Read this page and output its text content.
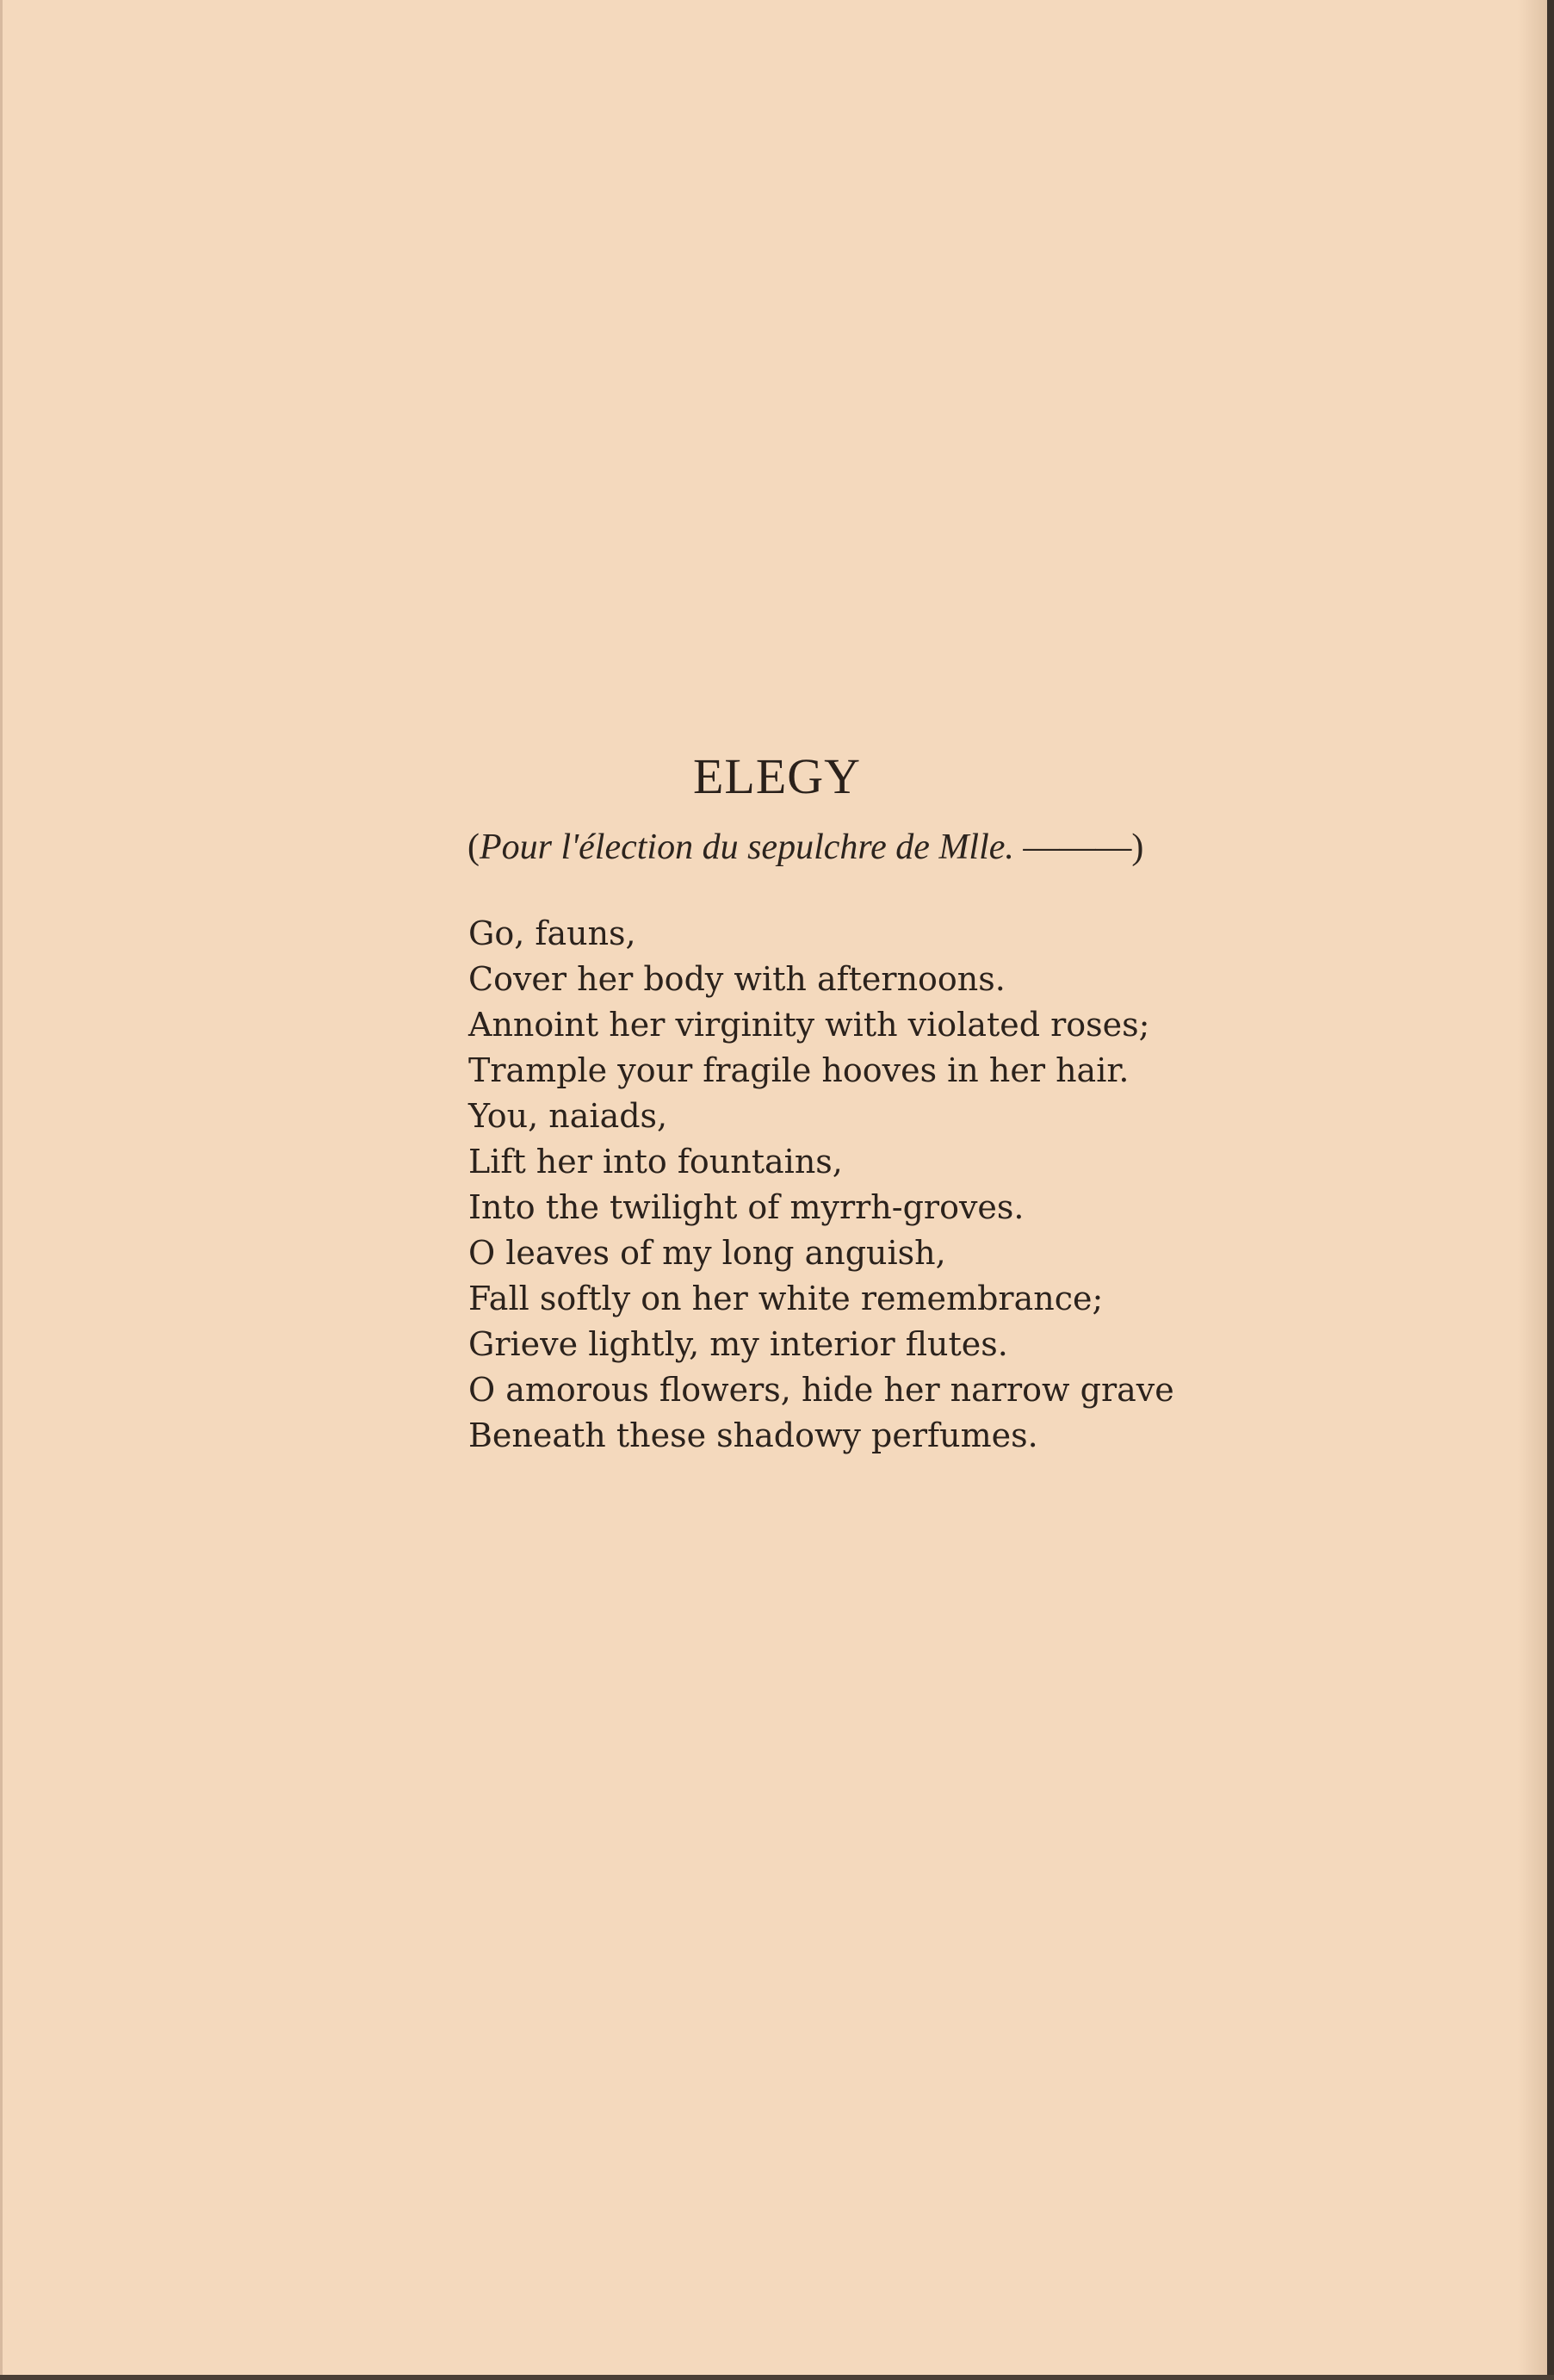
ELEGY
(Pour l'élection du sepulchre de Mlle. ———)
Go, fauns,
Cover her body with afternoons.
Annoint her virginity with violated roses;
Trample your fragile hooves in her hair.
You, naiads,
Lift her into fountains,
Into the twilight of myrrh-groves.
O leaves of my long anguish,
Fall softly on her white remembrance;
Grieve lightly, my interior flutes.
O amorous flowers, hide her narrow grave
Beneath these shadowy perfumes.
